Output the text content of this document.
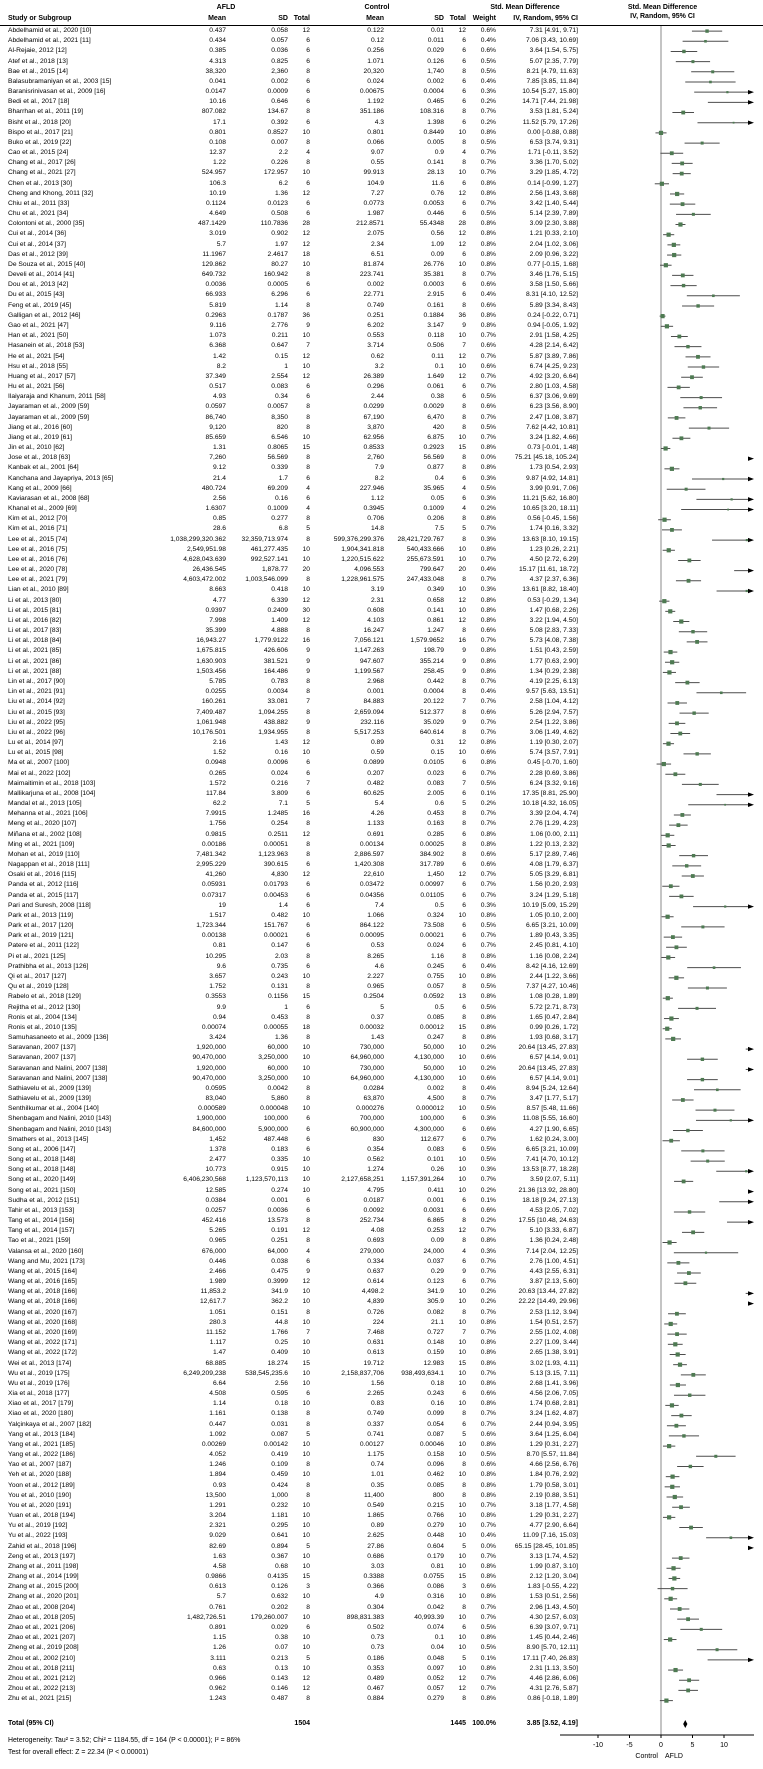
AFLD	Control	Std. Mean Difference	Std. Mean Difference
Study or Subgroup	Mean	SD Total	Mean	SD Total Weight	IV, Random, 95% CI	IV, Random, 95% CI
Abdelhamid et al., 2020 [10]	0.437	0.058	12	0.122	0.01	12	0.6%	7.31 [4.91, 9.71]
Abdelhamid et al., 2021 [11]	0.434	0.057	6	0.12	0.011	6	0.4%	7.06 [3.43, 10.69]
Al-Rejaie, 2012 [12]	0.385	0.036	6	0.256	0.029	6	0.6%	3.64 [1.54, 5.75]
Atef et al., 2018 [13]	4.313	0.825	6	1.071	0.126	6	0.5%	5.07 [2.35, 7.79]
Bae et al., 2015 [14]	38,320	2,360	8	20,320	1,740	8	0.5%	8.21 [4.79, 11.63]
Balasubramaniyan et al., 2003 [15]	0.041	0.002	6	0.024	0.002	6	0.4%	7.85 [3.85, 11.84]
Baranisrinivasan et al., 2009 [16]	0.0147	0.0009	6	0.00675	0.0004	6	0.3%	10.54 [5.27, 15.80]
Bedi et al., 2017 [18]	10.16	0.646	6	1.192	0.465	6	0.2%	14.71 [7.44, 21.98]
Bharrhan et al., 2011 [19]	807.082	134.67	8	351.186	108.316	8	0.7%	3.53 [1.81, 5.24]
Bisht et al., 2018 [20]	17.1	0.392	6	4.3	1.398	6	0.2%	11.52 [5.79, 17.26]
Bispo et al., 2017 [21]	0.801	0.8527	10	0.801	0.8449	10	0.8%	0.00 [-0.88, 0.88]
Buko et al., 2019 [22]	0.108	0.007	8	0.066	0.005	8	0.5%	6.53 [3.74, 9.31]
Cao et al., 2015 [24]	12.37	2.2	4	9.07	0.9	4	0.7%	1.71 [-0.11, 3.52]
Chang et al., 2017 [26]	1.22	0.226	8	0.55	0.141	8	0.7%	3.36 [1.70, 5.02]
Chang et al., 2021 [27]	524.957	172.957	10	99.913	28.13	10	0.7%	3.29 [1.85, 4.72]
Chen et al., 2013 [30]	106.3	6.2	6	104.9	11.6	6	0.8%	0.14 [-0.99, 1.27]
Cheng and Khong, 2011 [32]	10.19	1.36	12	7.27	0.76	12	0.8%	2.56 [1.43, 3.68]
Chiu et al., 2011 [33]	0.1124	0.0123	6	0.0773	0.0053	6	0.7%	3.42 [1.40, 5.44]
Chu et al., 2021 [34]	4.649	0.508	6	1.987	0.446	6	0.5%	5.14 [2.39, 7.89]
Colontoni et al., 2000 [35]	487.1429	110.7836	28	212.8571	55.4348	28	0.8%	3.09 [2.30, 3.88]
Cui et al., 2014 [36]	3.019	0.902	12	2.075	0.56	12	0.8%	1.21 [0.33, 2.10]
Cui et al., 2014 [37]	5.7	1.97	12	2.34	1.09	12	0.8%	2.04 [1.02, 3.06]
Das et al., 2012 [39]	11.1967	2.4617	18	6.51	0.09	6	0.8%	2.09 [0.96, 3.22]
De Souza et al., 2015 [40]	129.862	80.27	10	81.874	26.776	10	0.8%	0.77 [-0.15, 1.68]
Develi et al., 2014 [41]	649.732	160.942	8	223.741	35.381	8	0.7%	3.46 [1.76, 5.15]
Dou et al., 2013 [42]	0.0036	0.0005	6	0.002	0.0003	6	0.6%	3.58 [1.50, 5.66]
Du et al., 2015 [43]	66.933	6.296	6	22.771	2.915	6	0.4%	8.31 [4.10, 12.52]
Feng et al., 2019 [45]	5.819	1.14	8	0.749	0.161	8	0.6%	5.89 [3.34, 8.43]
Galligan et al., 2012 [46]	0.2963	0.1787	36	0.251	0.1884	36	0.8%	0.24 [-0.22, 0.71]
Gao et al., 2021 [47]	9.116	2.776	9	6.202	3.147	9	0.8%	0.94 [-0.05, 1.92]
Han et al., 2021 [50]	1.073	0.211	10	0.553	0.118	10	0.7%	2.91 [1.58, 4.25]
Hasanein et al., 2018 [53]	6.368	0.647	7	3.714	0.506	7	0.6%	4.28 [2.14, 6.42]
He et al., 2021 [54]	1.42	0.15	12	0.62	0.11	12	0.7%	5.87 [3.89, 7.86]
Hsu et al., 2018 [55]	8.2	1	10	3.2	0.1	10	0.6%	6.74 [4.25, 9.23]
Huang et al., 2017 [57]	37.349	2.554	12	26.389	1.649	12	0.7%	4.92 [3.20, 6.64]
Hu et al., 2021 [56]	0.517	0.083	6	0.296	0.061	6	0.7%	2.80 [1.03, 4.58]
Ilaiyaraja and Khanum, 2011 [58]	4.93	0.34	6	2.44	0.38	6	0.5%	6.37 [3.06, 9.69]
Jayaraman et al., 2009 [59]	0.0597	0.0057	8	0.0299	0.0029	8	0.6%	6.23 [3.56, 8.90]
Jayaraman et al., 2009 [59]	86,740	8,350	8	67,190	6,470	8	0.7%	2.47 [1.08, 3.87]
Jiang et al., 2016 [60]	9,120	820	8	3,870	420	8	0.5%	7.62 [4.42, 10.81]
Jiang et al., 2019 [61]	85.659	6.546	10	62.956	6.875	10	0.7%	3.24 [1.82, 4.66]
Jin et al., 2010 [62]	1.31	0.8065	15	0.8533	0.2923	15	0.8%	0.73 [-0.01, 1.48]
Jose et al., 2018 [63]	7,260	56.569	8	2,760	56.569	8	0.0%	75.21 [45.18, 105.24]
Kanbak et al., 2001 [64]	9.12	0.339	8	7.9	0.877	8	0.8%	1.73 [0.54, 2.93]
Kanchana and Jayapriya, 2013 [65]	21.4	1.7	6	8.2	0.4	6	0.3%	9.87 [4.92, 14.81]
Kang et al., 2009 [66]	480.724	69.209	4	227.946	35.965	4	0.5%	3.99 [0.91, 7.06]
Kaviarasan et al., 2008 [68]	2.56	0.16	6	1.12	0.05	6	0.3%	11.21 [5.62, 16.80]
Khanal et al., 2009 [69]	1.6307	0.1009	4	0.3945	0.1009	4	0.2%	10.65 [3.20, 18.11]
Kim et al., 2012 [70]	0.85	0.277	8	0.706	0.206	8	0.8%	0.56 [-0.45, 1.56]
Kim et al., 2016 [71]	28.6	6.8	5	14.8	7.5	5	0.7%	1.74 [0.16, 3.32]
Lee et al., 2015 [74]	1,038,299,320.362	32,359,713.974	8	599,376,299.376	28,421,729.767	8	0.3%	13.63 [8.10, 19.15]
Lee et al., 2016 [75]	2,549,951.98	461,277.435	10	1,904,341.818	540,433.666	10	0.8%	1.23 [0.26, 2.21]
Lee et al., 2016 [76]	4,628,043.639	992,527.141	10	1,220,515.622	255,673.591	10	0.7%	4.50 [2.72, 6.29]
Lee et al., 2020 [78]	26,436.545	1,878.77	20	4,096.553	799.647	20	0.4%	15.17 [11.61, 18.72]
Lee et al., 2021 [79]	4,603,472.002	1,003,546.099	8	1,228,961.575	247,433.048	8	0.7%	4.37 [2.37, 6.36]
Lian et al., 2010 [89]	8.663	0.418	10	3.19	0.349	10	0.3%	13.61 [8.82, 18.40]
Li et al., 2013 [80]	4.77	6.339	12	2.31	0.658	12	0.8%	0.53 [-0.29, 1.34]
Li et al., 2015 [81]	0.9397	0.2409	30	0.608	0.141	10	0.8%	1.47 [0.68, 2.26]
Li et al., 2016 [82]	7.998	1.409	12	4.103	0.861	12	0.8%	3.22 [1.94, 4.50]
Li et al., 2017 [83]	35.399	4.888	8	16.247	1.247	8	0.6%	5.08 [2.83, 7.33]
Li et al., 2018 [84]	16,943.27	1,779.9122	16	7,056.121	1,579.9652	16	0.7%	5.73 [4.08, 7.38]
Li et al., 2021 [85]	1,675.815	426.606	9	1,147.263	198.79	9	0.8%	1.51 [0.43, 2.59]
Li et al., 2021 [86]	1,630.903	381.521	9	947.607	355.214	9	0.8%	1.77 [0.63, 2.90]
Li et al., 2021 [88]	1,503.456	164.486	9	1,199.567	258.45	9	0.8%	1.34 [0.29, 2.38]
Lin et al., 2017 [90]	5.785	0.783	8	2.968	0.442	8	0.7%	4.19 [2.25, 6.13]
Lin et al., 2021 [91]	0.0255	0.0034	8	0.001	0.0004	8	0.4%	9.57 [5.63, 13.51]
Liu et al., 2014 [92]	160.261	33.081	7	84.883	20.122	7	0.7%	2.58 [1.04, 4.12]
Liu et al., 2015 [93]	7,409.487	1,094.255	8	2,659.094	512.377	8	0.6%	5.26 [2.94, 7.57]
Liu et al., 2022 [95]	1,061.948	438.882	9	232.116	35.029	9	0.7%	2.54 [1.22, 3.86]
Liu et al., 2022 [96]	10,176.501	1,934.955	8	5,517.253	640.614	8	0.7%	3.06 [1.49, 4.62]
Lu et al., 2014 [97]	2.16	1.43	12	0.89	0.31	12	0.8%	1.19 [0.30, 2.07]
Lu et al., 2015 [98]	1.52	0.16	10	0.59	0.15	10	0.6%	5.74 [3.57, 7.91]
Ma et al., 2007 [100]	0.0948	0.0096	6	0.0899	0.0105	6	0.8%	0.45 [-0.70, 1.60]
Mai et al., 2022 [102]	0.265	0.024	6	0.207	0.023	6	0.7%	2.28 [0.69, 3.86]
Maimaitimin et al., 2018 [103]	1.572	0.216	7	0.482	0.083	7	0.5%	6.24 [3.32, 9.16]
Mallikarjuna et al., 2008 [104]	117.84	3.809	6	60.625	2.005	6	0.1%	17.35 [8.81, 25.90]
Mandal et al., 2013 [105]	62.2	7.1	5	5.4	0.6	5	0.2%	10.18 [4.32, 16.05]
Mehanna et al., 2021 [106]	7.9915	1.2485	16	4.26	0.453	8	0.7%	3.39 [2.04, 4.74]
Meng et al., 2020 [107]	1.756	0.254	8	1.133	0.163	8	0.7%	2.76 [1.29, 4.23]
Miñana et al., 2002 [108]	0.9815	0.2511	12	0.691	0.285	6	0.8%	1.06 [0.00, 2.11]
Ming et al., 2021 [109]	0.00186	0.00051	8	0.00134	0.00025	8	0.8%	1.22 [0.13, 2.32]
Mohan et al., 2019 [110]	7,481.342	1,123.963	8	2,886.597	384.902	8	0.6%	5.17 [2.89, 7.46]
Nagappan et al., 2018 [111]	2,995.229	390.615	6	1,420.308	317.789	6	0.6%	4.08 [1.79, 6.37]
Osaki et al., 2016 [115]	41,260	4,830	12	22,610	1,450	12	0.7%	5.05 [3.29, 6.81]
Panda et al., 2012 [116]	0.05931	0.01793	6	0.03472	0.00997	6	0.7%	1.56 [0.20, 2.93]
Panda et al., 2015 [117]	0.07317	0.00453	6	0.04356	0.01105	6	0.7%	3.24 [1.29, 5.18]
Pari and Suresh, 2008 [118]	19	1.4	6	7.4	0.5	6	0.3%	10.19 [5.09, 15.29]
Park et al., 2013 [119]	1.517	0.482	10	1.066	0.324	10	0.8%	1.05 [0.10, 2.00]
Park et al., 2017 [120]	1,723.344	151.767	6	864.122	73.508	6	0.5%	6.65 [3.21, 10.09]
Park et al., 2019 [121]	0.00138	0.00021	6	0.00095	0.00021	6	0.7%	1.89 [0.43, 3.35]
Patere et al., 2011 [122]	0.81	0.147	6	0.53	0.024	6	0.7%	2.45 [0.81, 4.10]
Pi et al., 2021 [125]	10.295	2.03	8	8.265	1.16	8	0.8%	1.16 [0.08, 2.24]
Prathibha et al., 2013 [126]	9.6	0.735	6	4.6	0.245	6	0.4%	8.42 [4.16, 12.69]
Qi et al., 2017 [127]	3.657	0.243	10	2.227	0.755	10	0.8%	2.44 [1.22, 3.66]
Qu et al., 2019 [128]	1.752	0.131	8	0.965	0.057	8	0.5%	7.37 [4.27, 10.46]
Rabelo et al., 2018 [129]	0.3553	0.1156	15	0.2504	0.0592	13	0.8%	1.08 [0.28, 1.89]
Rejitha et al., 2012 [130]	9.9	1	6	5	0.5	6	0.5%	5.72 [2.71, 8.73]
Ronis et al., 2004 [134]	0.94	0.453	8	0.37	0.085	8	0.8%	1.65 [0.47, 2.84]
Ronis et al., 2010 [135]	0.00074	0.00055	18	0.00032	0.00012	15	0.8%	0.99 [0.26, 1.72]
Samuhasaneeto et al., 2009 [136]	3.424	1.36	8	1.43	0.247	8	0.8%	1.93 [0.68, 3.17]
Saravanan, 2007 [137]	1,920,000	60,000	10	730,000	50,000	10	0.2%	20.64 [13.45, 27.83]
Saravanan, 2007 [137]	90,470,000	3,250,000	10	64,960,000	4,130,000	10	0.6%	6.57 [4.14, 9.01]
Saravanan and Nalini, 2007 [138]	1,920,000	60,000	10	730,000	50,000	10	0.2%	20.64 [13.45, 27.83]
Saravanan and Nalini, 2007 [138]	90,470,000	3,250,000	10	64,960,000	4,130,000	10	0.6%	6.57 [4.14, 9.01]
Sathiavelu et al., 2009 [139]	0.0595	0.0042	8	0.0284	0.002	8	0.4%	8.94 [5.24, 12.64]
Sathiavelu et al., 2009 [139]	83,040	5,860	8	63,870	4,500	8	0.7%	3.47 [1.77, 5.17]
Senthilkumar et al., 2004 [140]	0.000589	0.000048	10	0.000276	0.000012	10	0.5%	8.57 [5.48, 11.66]
Shenbagam and Nalini, 2010 [143]	1,900,000	100,000	6	700,000	100,000	6	0.3%	11.08 [5.55, 16.60]
Shenbagam and Nalini, 2010 [143]	84,600,000	5,900,000	6	60,900,000	4,300,000	6	0.6%	4.27 [1.90, 6.65]
Smathers et al., 2013 [145]	1,452	487.448	6	830	112.677	6	0.7%	1.62 [0.24, 3.00]
Song et al., 2006 [147]	1.378	0.183	6	0.354	0.083	6	0.5%	6.65 [3.21, 10.09]
Song et al., 2018 [148]	2.477	0.335	10	0.562	0.101	10	0.5%	7.41 [4.70, 10.12]
Song et al., 2018 [148]	10.773	0.915	10	1.274	0.26	10	0.3%	13.53 [8.77, 18.28]
Song et al., 2020 [149]	6,406,230,568	1,123,570,113	10	2,127,658,251	1,157,391,264	10	0.7%	3.59 [2.07, 5.11]
Song et al., 2021 [150]	12.585	0.274	10	4.795	0.411	10	0.2%	21.36 [13.92, 28.80]
Sudha et al., 2012 [151]	0.0384	0.001	6	0.0187	0.001	6	0.1%	18.18 [9.24, 27.13]
Tahir et al., 2013 [153]	0.0257	0.0036	6	0.0092	0.0031	6	0.6%	4.53 [2.05, 7.02]
Tang et al., 2014 [156]	452.416	13.573	8	252.734	6.865	8	0.2%	17.55 [10.48, 24.63]
Tang et al., 2014 [157]	5.265	0.191	12	4.08	0.253	12	0.7%	5.10 [3.33, 6.87]
Tao et al., 2021 [159]	0.965	0.251	8	0.693	0.09	8	0.8%	1.36 [0.24, 2.48]
Valansa et al., 2020 [160]	676,000	64,000	4	279,000	24,000	4	0.3%	7.14 [2.04, 12.25]
Wang and Mu, 2021 [173]	0.446	0.038	6	0.334	0.037	6	0.7%	2.76 [1.00, 4.51]
Wang et al., 2015 [164]	2.466	0.475	9	0.637	0.29	9	0.7%	4.43 [2.55, 6.31]
Wang et al., 2016 [165]	1.989	0.3999	12	0.614	0.123	6	0.7%	3.87 [2.13, 5.60]
Wang et al., 2018 [166]	11,853.2	341.9	10	4,498.2	341.9	10	0.2%	20.63 [13.44, 27.82]
Wang et al., 2018 [166]	12,617.7	362.2	10	4,839	305.9	10	0.2%	22.22 [14.49, 29.96]
Wang et al., 2020 [167]	1.051	0.151	8	0.726	0.082	8	0.7%	2.53 [1.12, 3.94]
Wang et al., 2020 [168]	280.3	44.8	10	224	21.1	10	0.8%	1.54 [0.51, 2.57]
Wang et al., 2020 [169]	11.152	1.766	7	7.468	0.727	7	0.7%	2.55 [1.02, 4.08]
Wang et al., 2022 [171]	1.117	0.25	10	0.631	0.148	10	0.8%	2.27 [1.09, 3.44]
Wang et al., 2022 [172]	1.47	0.409	10	0.613	0.159	10	0.8%	2.65 [1.38, 3.91]
Wei et al., 2013 [174]	68.885	18.274	15	19.712	12.983	15	0.8%	3.02 [1.93, 4.11]
Wu et al., 2019 [175]	6,249,209,238	538,545,235.6	10	2,158,837,706	938,493,634.1	10	0.7%	5.13 [3.15, 7.11]
Wu et al., 2019 [176]	6.64	2.56	10	1.56	0.18	10	0.8%	2.68 [1.41, 3.96]
Xia et al., 2018 [177]	4.508	0.595	6	2.265	0.243	6	0.6%	4.56 [2.06, 7.05]
Xiao et al., 2017 [179]	1.14	0.18	10	0.83	0.16	10	0.8%	1.74 [0.68, 2.81]
Xiao et al., 2020 [180]	1.161	0.138	8	0.749	0.099	8	0.7%	3.24 [1.62, 4.87]
Yalçinkaya et al., 2007 [182]	0.447	0.031	8	0.337	0.054	6	0.7%	2.44 [0.94, 3.95]
Yang et al., 2013 [184]	1.092	0.087	5	0.741	0.087	5	0.6%	3.64 [1.25, 6.04]
Yang et al., 2021 [185]	0.00269	0.00142	10	0.00127	0.00046	10	0.8%	1.29 [0.31, 2.27]
Yang et al., 2022 [186]	4.052	0.419	10	1.175	0.158	10	0.5%	8.70 [5.57, 11.84]
Yao et al., 2007 [187]	1.246	0.109	8	0.74	0.096	8	0.6%	4.66 [2.56, 6.76]
Yeh et al., 2020 [188]	1.894	0.459	10	1.01	0.462	10	0.8%	1.84 [0.76, 2.92]
Yoon et al., 2012 [189]	0.93	0.424	8	0.35	0.085	8	0.8%	1.79 [0.58, 3.01]
You et al., 2010 [190]	13,500	1,000	8	11,400	800	8	0.8%	2.19 [0.88, 3.51]
You et al., 2020 [191]	1.291	0.232	10	0.549	0.215	10	0.7%	3.18 [1.77, 4.58]
Yuan et al., 2018 [194]	3.204	1.181	10	1.865	0.766	10	0.8%	1.29 [0.31, 2.27]
Yu et al., 2019 [192]	2.321	0.295	10	0.89	0.279	10	0.7%	4.77 [2.90, 6.64]
Yu et al., 2022 [193]	9.029	0.641	10	2.625	0.448	10	0.4%	11.09 [7.16, 15.03]
Zahid et al., 2018 [196]	82.69	0.894	5	27.86	0.604	5	0.0%	65.15 [28.45, 101.85]
Zeng et al., 2013 [197]	1.63	0.367	10	0.686	0.179	10	0.7%	3.13 [1.74, 4.52]
Zhang et al., 2011 [198]	4.58	0.68	10	3.03	0.81	10	0.8%	1.99 [0.87, 3.10]
Zhang et al., 2014 [199]	0.9866	0.4135	15	0.3388	0.0755	15	0.8%	2.12 [1.20, 3.04]
Zhang et al., 2015 [200]	0.613	0.126	3	0.366	0.086	3	0.6%	1.83 [-0.55, 4.22]
Zhang et al., 2020 [201]	5.7	0.632	10	4.9	0.316	10	0.8%	1.53 [0.51, 2.56]
Zhao et al., 2008 [204]	0.761	0.202	8	0.304	0.042	8	0.7%	2.96 [1.43, 4.50]
Zhao et al., 2018 [205]	1,482,726.51	179,260.007	10	898,831.383	40,993.39	10	0.7%	4.30 [2.57, 6.03]
Zhao et al., 2021 [206]	0.891	0.029	6	0.502	0.074	6	0.5%	6.39 [3.07, 9.71]
Zhao et al., 2021 [207]	1.15	0.38	10	0.73	0.1	10	0.8%	1.45 [0.44, 2.46]
Zheng et al., 2019 [208]	1.26	0.07	10	0.73	0.04	10	0.5%	8.90 [5.70, 12.11]
Zhou et al., 2002 [210]	3.111	0.213	5	0.186	0.048	5	0.1%	17.11 [7.40, 26.83]
Zhou et al., 2018 [211]	0.63	0.13	10	0.353	0.097	10	0.8%	2.31 [1.13, 3.50]
Zhou et al., 2021 [212]	0.966	0.143	12	0.489	0.052	12	0.7%	4.46 [2.86, 6.06]
Zhou et al., 2022 [213]	0.962	0.146	12	0.467	0.057	12	0.7%	4.31 [2.76, 5.87]
Zhu et al., 2021 [215]	1.243	0.487	8	0.884	0.279	8	0.8%	0.86 [-0.18, 1.89]
Total (95% CI)	1504	1445 100.0%	3.85 [3.52, 4.19]
Heterogeneity: Tau² = 3.52; Chi² = 1184.55, df = 164 (P < 0.00001); I² = 86%
Test for overall effect: Z = 22.34 (P < 0.00001)
-10	-5	0	5	10
Control AFLD
